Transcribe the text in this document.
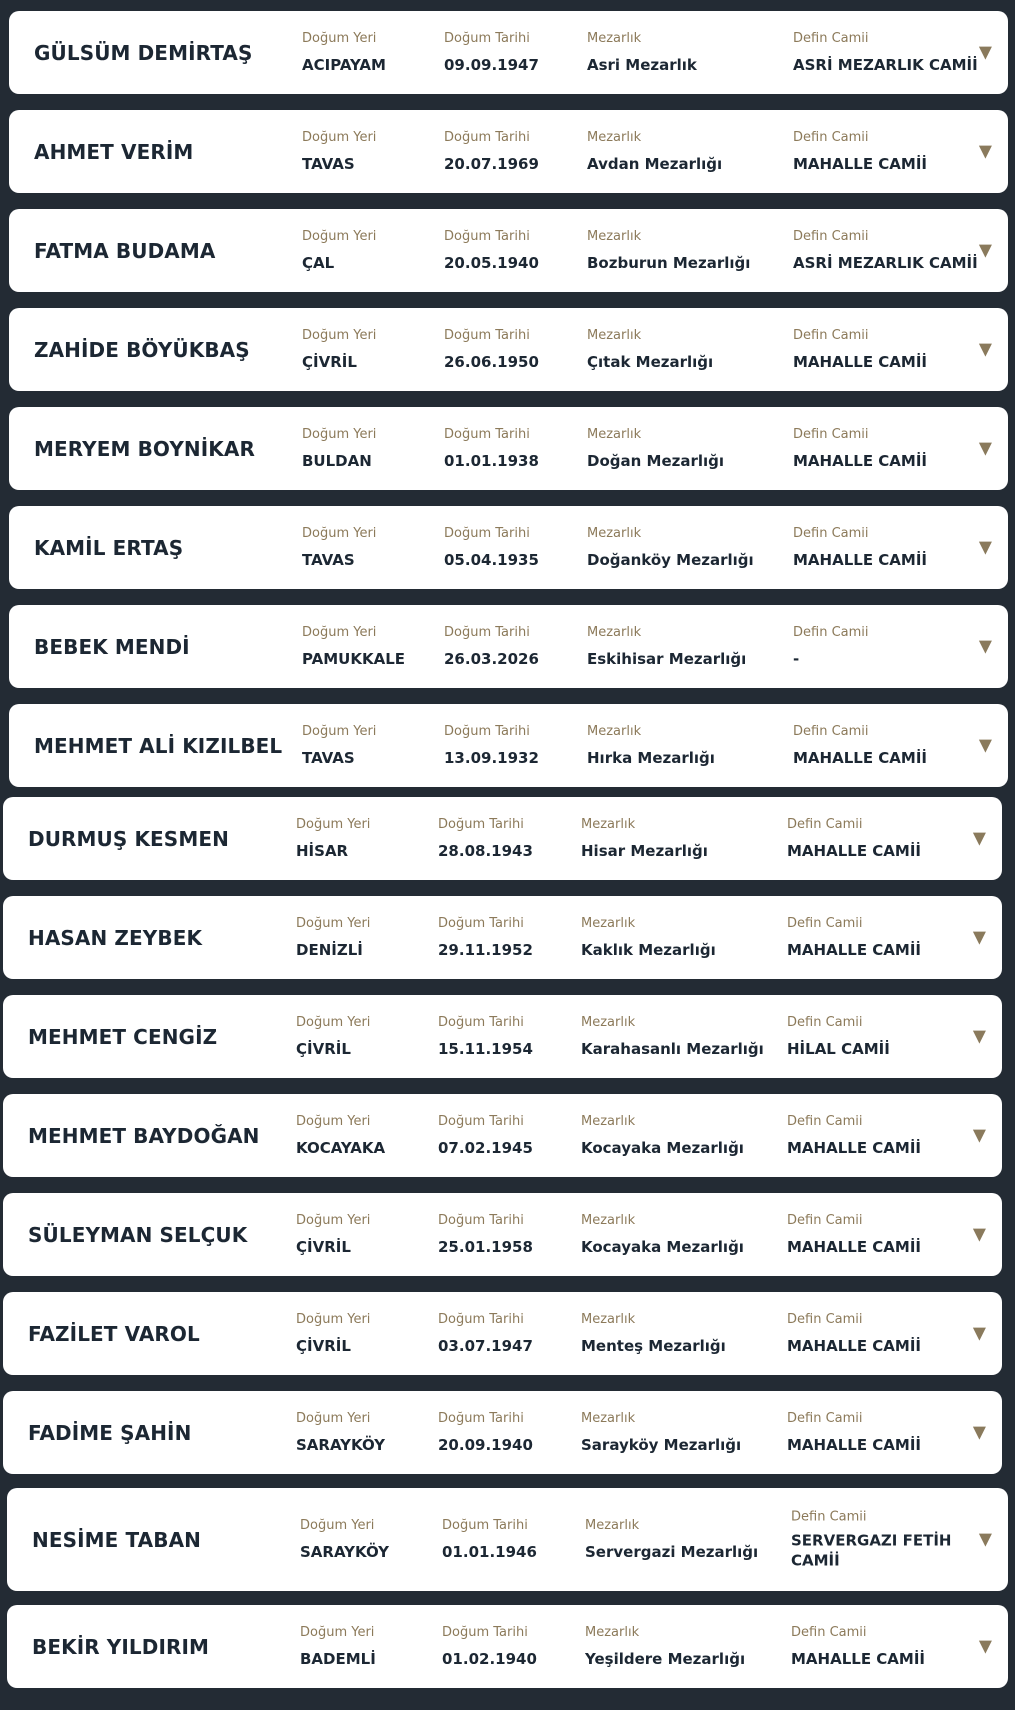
GÜLSÜM DEMİRTAŞ
Doğum Yeri
ACIPAYAM
Doğum Tarihi
09.09.1947
Mezarlık
Asri Mezarlık
Defin Camii
ASRİ MEZARLIK CAMİİ
▼
AHMET VERİM
Doğum Yeri
TAVAS
Doğum Tarihi
20.07.1969
Mezarlık
Avdan Mezarlığı
Defin Camii
MAHALLE CAMİİ
▼
FATMA BUDAMA
Doğum Yeri
ÇAL
Doğum Tarihi
20.05.1940
Mezarlık
Bozburun Mezarlığı
Defin Camii
ASRİ MEZARLIK CAMİİ
▼
ZAHİDE BÖYÜKBAŞ
Doğum Yeri
ÇİVRİL
Doğum Tarihi
26.06.1950
Mezarlık
Çıtak Mezarlığı
Defin Camii
MAHALLE CAMİİ
▼
MERYEM BOYNİKAR
Doğum Yeri
BULDAN
Doğum Tarihi
01.01.1938
Mezarlık
Doğan Mezarlığı
Defin Camii
MAHALLE CAMİİ
▼
KAMİL ERTAŞ
Doğum Yeri
TAVAS
Doğum Tarihi
05.04.1935
Mezarlık
Doğanköy Mezarlığı
Defin Camii
MAHALLE CAMİİ
▼
BEBEK MENDİ
Doğum Yeri
PAMUKKALE
Doğum Tarihi
26.03.2026
Mezarlık
Eskihisar Mezarlığı
Defin Camii
-
▼
MEHMET ALİ KIZILBEL
Doğum Yeri
TAVAS
Doğum Tarihi
13.09.1932
Mezarlık
Hırka Mezarlığı
Defin Camii
MAHALLE CAMİİ
▼
DURMUŞ KESMEN
Doğum Yeri
HİSAR
Doğum Tarihi
28.08.1943
Mezarlık
Hisar Mezarlığı
Defin Camii
MAHALLE CAMİİ
▼
HASAN ZEYBEK
Doğum Yeri
DENİZLİ
Doğum Tarihi
29.11.1952
Mezarlık
Kaklık Mezarlığı
Defin Camii
MAHALLE CAMİİ
▼
MEHMET CENGİZ
Doğum Yeri
ÇİVRİL
Doğum Tarihi
15.11.1954
Mezarlık
Karahasanlı Mezarlığı
Defin Camii
HİLAL CAMİİ
▼
MEHMET BAYDOĞAN
Doğum Yeri
KOCAYAKA
Doğum Tarihi
07.02.1945
Mezarlık
Kocayaka Mezarlığı
Defin Camii
MAHALLE CAMİİ
▼
SÜLEYMAN SELÇUK
Doğum Yeri
ÇİVRİL
Doğum Tarihi
25.01.1958
Mezarlık
Kocayaka Mezarlığı
Defin Camii
MAHALLE CAMİİ
▼
FAZİLET VAROL
Doğum Yeri
ÇİVRİL
Doğum Tarihi
03.07.1947
Mezarlık
Menteş Mezarlığı
Defin Camii
MAHALLE CAMİİ
▼
FADİME ŞAHİN
Doğum Yeri
SARAYKÖY
Doğum Tarihi
20.09.1940
Mezarlık
Sarayköy Mezarlığı
Defin Camii
MAHALLE CAMİİ
▼
NESİME TABAN
Doğum Yeri
SARAYKÖY
Doğum Tarihi
01.01.1946
Mezarlık
Servergazi Mezarlığı
Defin Camii
SERVERGAZI FETİH CAMİİ
▼
BEKİR YILDIRIM
Doğum Yeri
BADEMLİ
Doğum Tarihi
01.02.1940
Mezarlık
Yeşildere Mezarlığı
Defin Camii
MAHALLE CAMİİ
▼
